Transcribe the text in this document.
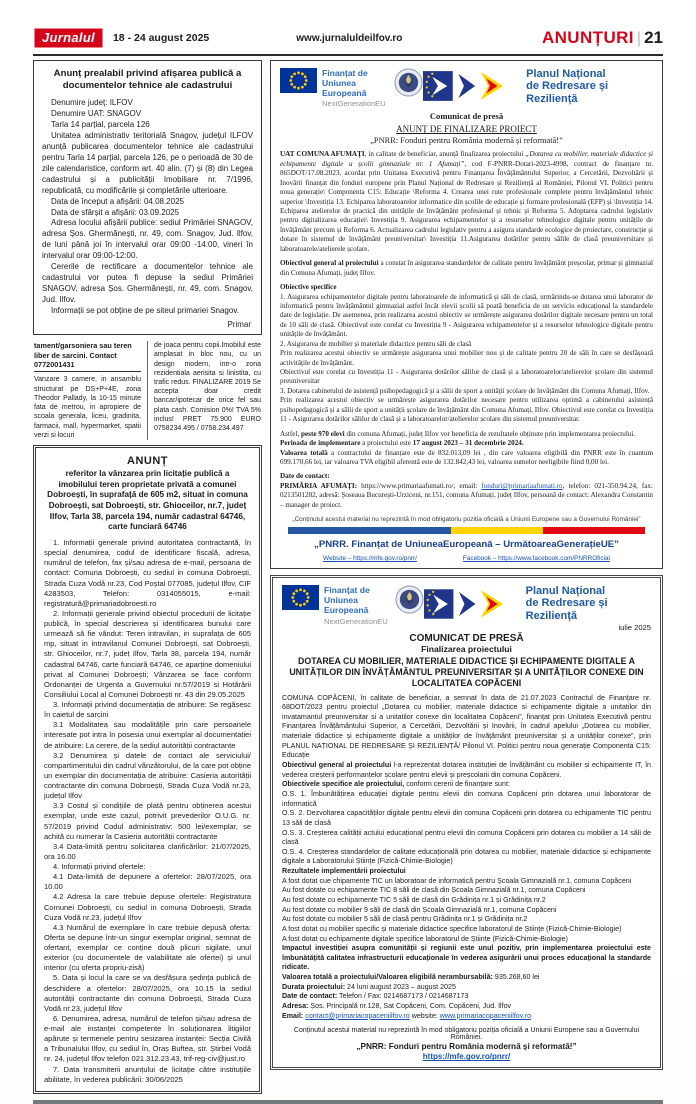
Jurnalul	18 - 24 august 2025	www.jurnaluldeilfov.ro	ANUNȚURI | 21
Anunț prealabil privind afișarea publică a documentelor tehnice ale cadastrului
Denumire județ: ILFOV
Denumire UAT: SNAGOV
Tarla 14 parțial, parcela 126
Unitatea administrativ teritorială Snagov, județul ILFOV anunță publicarea documentelor tehnice ale cadastrului pentru Tarla 14 parțial, parcela 126, pe o perioadă de 30 de zile calendaristice, conform art. 40 alin. (7) și (8) din Legea cadastrului și a publicității Imobiliare nr. 7/1996, republicată, cu modificările și completările ulterioare.
Data de început a afișării: 04.08.2025
Data de sfârșit a afișării: 03.09.2025
Adresa locului afișării publice: sediul Primăriei SNAGOV, adresa Șos. Ghermănești, nr. 49, com. Snagov, Jud. Ilfov, de luni până joi în intervalul orar 09:00 -14:00, vineri în intervalul orar 09:00-12:00.
Cererile de rectificare a documentelor tehnice ale cadastrului vor putea fi depuse la sediul Primăriei SNAGOV, adresa Șos. Ghermănești, nr. 49, com. Snagov, Jud. Ilfov.
Informații se pot obține de pe siteul primariei Snagov.
Primar
tament/garsoniera sau teren liber de sarcini. Contact 0772001431
Vanzare 3 camere, in ansamblu structurat pe DS+P+4E, zona Theodor Pallady, la 10-15 minute fata de metrou, in apropiere de scoala generala, liceu, gradinita, farmacii, mall, hypermarket, spatii verzi si locuri
de joaca pentru copii.Imobilul este amplasat in bloc nou, cu un design modern, intr-o zona rezidentiala aerisita si linistita, cu trafic redus. FINALIZARE 2019 Se accepta doar credit bancar/ipotecar de orice fel sau plata cash. Comision 0%! TVA 5% inclus! PRET 75.900 EURO 0758234.495 / 0758.234.497
ANUNȚ
referitor la vânzarea prin licitație publică a imobilului teren proprietate privată a comunei Dobroești, în suprafață de 605 m2, situat in comuna Dobroești, sat Dobroești, str. Ghioceilor, nr.7, județ Ilfov, Tarla 38, parcela 194, număr cadastral 64746, carte funciară 64746
1. Informații generale privind autoritatea contractantă, în special denumirea, codul de identificare fiscală, adresa, numărul de telefon, fax și/sau adresa de e-mail, persoana de contact: Comuna Dobroești, cu sediul in comuna Dobroești, Strada Cuza Vodă nr.23, Cod Poștal 077085, județul Ilfov, CIF 4283503, Telefon: 0314055015, e-mail: registratură@primariadobroesti.ro
2. Informații generale privind obiectul procedurii de licitație publică, în special descrierea și identificarea bunului care urmează să fie vândut: Teren intravilan, in suprafața de 605 mp, situat in intravilanul Comunei Dobroești, sat Dobroești, str. Ghioceilor, nr.7, județ Ilfov, Tarla 38, parcela 194, număr cadastral 64746, carte funciară 64746, ce aparține domeniului privat al Comunei Dobroești; Vânzarea se face conform Ordonanței de Urgenta a Guvernului nr.57/2019 si Hotărârii Consiliului Local al Comunei Dobroești nr. 43 din 29.05.2025
3. Informații privind documentația de atribuire: Se regăsesc în caietul de sarcini
3.1 Modalitatea sau modalitățile prin care persoanele interesate pot intra în posesia unui exemplar al documentației de atribuire: La cerere, de la sediul autorității contractante
3.2 Denumirea și datele de contact ale serviciului/ compartimentului din cadrul vânzătorului, de la care pot obține un exemplar din documentația de atribuire: Casieria autorității contractante din comuna Dobroești, Strada Cuza Vodă nr.23, județul Ilfov
3.3 Costul și condițiile de plată pentru obținerea acestui exemplar, unde este cazul, potrivit prevederilor O.U.G. nr. 57/2019 privind Codul administrativ: 500 lei/exemplar, se achită cu numerar la Casieria autorității contractante
3.4 Data-limită pentru solicitarea clarificărilor: 21/07/2025, ora 16.00
4. Informații privind ofertele:
4.1 Data-limită de depunere a ofertelor: 28/07/2025, ora 10.00
4.2 Adresa la care trebuie depuse ofertele: Registratura Comunei Dobroești, cu sediul in comuna Dobroești, Strada Cuza Vodă nr.23, județul Ilfov
4.3 Numărul de exemplare în care trebuie depusă oferta: Oferta se depune într-un singur exemplar original, semnat de ofertant, exemplar ce conține două plicuri sigilate, unul exterior (cu documentele de valabilitate ale ofertei) și unul interior (cu oferta propriu-zisă)
5. Data și locul la care se va desfășura ședința publică de deschidere a ofertelor: 28/07/2025, ora 10.15 la sediul autorității contractante din comuna Dobroești, Strada Cuza Vodă nr.23, județul Ilfov
6. Denumirea, adresa, numărul de telefon și/sau adresa de e-mail ale instanței competente în soluționarea litigiilor apărute și termenele pentru sesizarea instanței: Secția Civilă a Tribunalului Ilfov, cu sediul în, Oraș Buftea, str. Știrbei Vodă nr. 24, județul Ilfov telefon 021.312.23.43, trif-reg-civ@just.ro
7. Data transmiterii anunțului de licitație către instituțiile abilitate, în vederea publicării: 30/06/2025
Finanțat de
Uniunea Europeană
NextGenerationEU
Planul Național
de Redresare și Reziliență
Comunicat de presă
ANUNȚ DE FINALIZARE PROIECT
„PNRR: Fonduri pentru România modernă și reformată!”
UAT COMUNA AFUMAȚI, in calitate de beneficiar, anunță finalizarea proiectului „Dotarea cu mobilier, materiale didactice și echipamente digitale a școlii gimnaziale nr. 1 Afumați”, cod F-PNRR-Dotari-2023-4998, contract de finanțare nr. 865DOT/17.08.2023, acordat prin Unitatea Executivă pentru Finanțarea Învățământului Superior, a Cercetării, Dezvoltării și Inovării finanțat din fonduri europene prin Planul Național de Redresare și Reziliență al României, Pilonul VI. Politici pentru noua generație\ Componenta C15: Educație \Reforma 4. Crearea unei rute profesionale complete pentru învățământul tehnic superior \Investiția 13. Echiparea laboratoarelor informatice din școlile de educație și formare profesională (EFP) și \Investiția 14. Echiparea atelierelor de practică din unitățile de învățământ profesional și tehnic și Reforma 5. Adoptarea cadrului legislativ pentru digitalizarea educației\ Investiția 9. Asigurarea echipamentelor și a resurselor tehnologice digitale pentru unitățile de învățământ precum și Reforma 6. Actualizarea cadrului legislativ pentru a asigura standarde ecologice de proiectare, construcție și dotare în sistemul de învățământ preuniversitar\ Investiția 11.Asigurarea dotărilor pentru sălile de clasă preuniversitare și laboratoarele/atelierele școlare.
Obiectivul general al proiectului a constat în asigurarea standardelor de calitate pentru învățământ preșcolar, primar și gimnazial din Comuna Afumați, județ Ilfov.
Obiective specifice
1. Asigurarea echipamentelor digitale pentru laboratoarele de informatică și săli de clasă, urmărindu-se dotarea unui laborator de informatică pentru învățământul gimnazial astfel încât elevii școlii să poată beneficia de un serviciu educațional la standardele date de legislație. De asemenea, prin realizarea acestui obiectiv se urmărește asigurarea dotărilor digitale necesare pentru un total de 10 săli de clasă. Obiectivul este corelat cu Investiția 9 - Asigurarea echipamentelor și a resurselor tehnologice digitale pentru unitățile de învățământ.
2. Asigurarea de mobilier și materiale didactice pentru săli de clasă
Prin realizarea acestui obiectiv se urmărește asigurarea unui mobilier nou și de calitate pentru 20 de săli în care se desfășoară activitățile de învățământ.
Obiectivul este corelat cu Investiția 11 - Asigurarea dotărilor sălilor de clasă și a laboratoarelor/atelierelor școlare din sistemul preuniversitar
3. Dotarea cabinetului de asistență psihopedagogică și a sălii de sport a unității școlare de învățământ din Comuna Afumați, Ilfov.
Prin realizarea acestui obiectiv se urmărește asigurarea dotărilor necesare pentru utilizarea optimă a cabinetului asistență psihopedagogică și a sălii de sport a unității școlare de învățământ din Comuna Afumați, Ilfov. Obiectivul este corelat cu Investiția 11 - Asigurarea dotărilor sălilor de clasă și a laboratoarelor/atelierelor școlare din sistemul preuniversitar.
Astfel, peste 970 elevi din comuna Afumați, județ Ilfov vor beneficia de rezultatele obținute prin implementarea proiectului.
Perioada de implementare a proiectului este 17 august 2023 – 31 decembrie 2024.
Valoarea totală a contractului de finanțare este de 832.013,09 lei , din care valoarea eligibilă din PNRR este în cuantum 699.170,66 lei, iar valoarea TVA eligibil aferentă este de 132.842,43 lei, valoarea sumelor neeligibile fiind 0,00 lei.
Date de contact:
PRIMĂRIA AFUMAȚI: https://www.primariaafumati.ro/, email: fonduri@primariaafumati.ro, telefon: 021-350.94.24, fax: 0213501282, adresă: Șoseaua București-Urziceni, nr.151, comuna Afumați, județ Ilfov, persoană de contact: Alexandra Constantin – manager de proiect.
„Conținutul acestui material nu reprezintă în mod obligatoriu poziția oficială a Uniunii Europene sau a Guvernului României”
„PNRR. Finanțat de UniuneaEuropeană – UrmătoareaGenerațieUE”
Website – https://mfe.gov.ro/pnrr/	Facebook – https://www.facebook.com/PNRROficial
Finanțat de
Uniunea Europeană
NextGenerationEU
Planul Național
de Redresare și Reziliență
iulie 2025
COMUNICAT DE PRESĂ
Finalizarea proiectului
DOTAREA CU MOBILIER, MATERIALE DIDACTICE ȘI ECHIPAMENTE DIGITALE A UNITĂȚILOR DIN ÎNVĂȚĂMÂNTUL PREUNIVERSITAR ȘI A UNITĂȚILOR CONEXE DIN LOCALITATEA COPĂCENI
COMUNA COPĂCENI, în calitate de beneficiar, a semnat în data de 21.07.2023 Contractul de Finanțare nr. 68DOT/2023 pentru proiectul „Dotarea cu mobilier, materiale didactice si echipamente digitale a unitatilor din invatamantul preuniversitar si a unitatilor conexe din localitatea Copăceni”, finanțat prin Unitatea Executivă pentru Finanțarea Învățământului Superior, a Cercetării, Dezvoltării și Inovării, în cadrul apelului „Dotarea cu mobilier, materiale didactice și echipamente digitale a unităților de învățământ preuniversitar și a unităților conexe”, prin PLANUL NAȚIONAL DE REDRESARE ȘI REZILIENȚĂ/ Pilonul VI. Politici pentru noua generație Componenta C15: Educație
Obiectivul general al proiectului l-a reprezentat dotarea instituției de învățământ cu mobilier și echipamente IT, în vederea creșterii performanțelor școlare pentru elevii și preșcolarii din comuna Copăceni.
Obiectivele specifice ale proiectului, conform cererii de finanțare sunt:
O.S. 1. Îmbunătățirea educației digitale pentru elevii din comuna Copăceni prin dotarea unui laboratorar de informatică
O.S. 2. Dezvoltarea capacităților digitale pentru elevii din comuna Copăceni prin dotarea cu echipamente TIC pentru 13 săli de clasă
O.S. 3. Creșterea calității actului educațional pentru elevii din comuna Copăceni prin dotarea cu mobilier a 14 săli de clasă
O.S. 4. Creșterea standardelor de calitate educațională prin dotarea cu mobilier, materiale didactice și echipamente digitale a Laboratorului Științe (Fizică-Chimie-Biologie)
Rezultatele implementării proiectului
A fost dotat cue chipamente TIC un laboratoar de informatică pentru Școala Gimnazială nr.1, comuna Copăceni
Au fost dotate cu echipamente TIC 8 săli de clasă din Școala Gimnazială nr.1, comuna Copăceni
Au fost dotate cu echipamente TIC 5 săli de clasă din Grădinița nr.1 și Grădinița nr.2
Au fost dotate cu mobilier 9 săli de clasă din Școala Gimnazială nr.1, comuna Copăceni
Au fost dotate cu mobilier 5 săli de clasă pentru Grădinița nr.1 și Grădinița nr.2
A fost dotat cu mobilier specific și materiale didactice specifice laboratorul de Științe (Fizică-Chimie-Biologie)
A fost dotat cu echipamente digitale specifice laboratorul de Științe (Fizică-Chimie-Biologie)
Impactul investiției asupra comunității și regiunii este unul pozitiv, prin implementarea proiectului este îmbunătățită calitatea infrastructurii educaționale în vederea asigurării unui proces educațional la standarde ridicate.
Valoarea totală a proiectului/Valoarea eligibilă nerambursabilă: 935.268,60 lei
Durata proiectului: 24 luni august 2023 – august 2025
Date de contact: Telefon / Fax: 0214687173 / 0214687173
Adresa: Șos. Principală nr.128, Sat Copăceni, Com. Copăceni, Jud. Ilfov
Email: contact@primariacopaceniilfov.ro website: www.primariacopaceniilfov.ro
Conținutul acestui material nu reprezintă în mod obligatoriu poziția oficială a Uniunii Europene sau a Guvernului României.
„PNRR: Fonduri pentru România modernă și reformată!”
https://mfe.gov.ro/pnrr/
